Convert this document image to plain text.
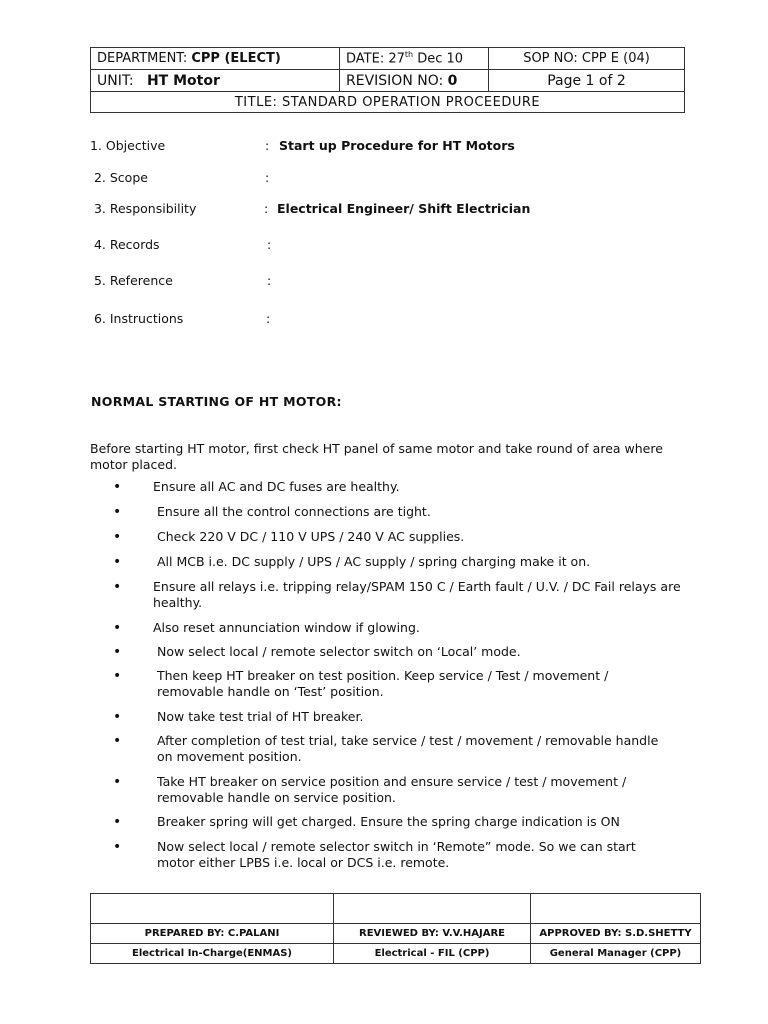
DEPARTMENT: CPP (ELECT)	DATE: 27th Dec 10	SOP NO: CPP E (04)
UNIT: HT Motor	REVISION NO: 0	Page 1 of 2
TITLE: STANDARD OPERATION PROCEEDURE		
1. Objective	: Start up Procedure for HT Motors
2. Scope	:
3. Responsibility	: Electrical Engineer/ Shift Electrician
4. Records	:
5. Reference	:
6. Instructions	:
NORMAL STARTING OF HT MOTOR:
Before starting HT motor, first check HT panel of same motor and take round of area where motor placed.
•	Ensure all AC and DC fuses are healthy.
•	Ensure all the control connections are tight.
•	Check 220 V DC / 110 V UPS / 240 V AC supplies.
•	All MCB i.e. DC supply / UPS / AC supply / spring charging make it on.
•	Ensure all relays i.e. tripping relay/SPAM 150 C / Earth fault / U.V. / DC Fail relays are healthy.
•	Also reset annunciation window if glowing.
•	Now select local / remote selector switch on ‘Local’ mode.
•	Then keep HT breaker on test position. Keep service / Test / movement / removable handle on ‘Test’ position.
•	Now take test trial of HT breaker.
•	After completion of test trial, take service / test / movement / removable handle on movement position.
•	Take HT breaker on service position and ensure service / test / movement / removable handle on service position.
•	Breaker spring will get charged. Ensure the spring charge indication is ON
•	Now select local / remote selector switch in ‘Remote” mode. So we can start motor either LPBS i.e. local or DCS i.e. remote.

PREPARED BY: C.PALANI	REVIEWED BY: V.V.HAJARE	APPROVED BY: S.D.SHETTY
Electrical In-Charge(ENMAS)	Electrical - FIL (CPP)	General Manager (CPP)
